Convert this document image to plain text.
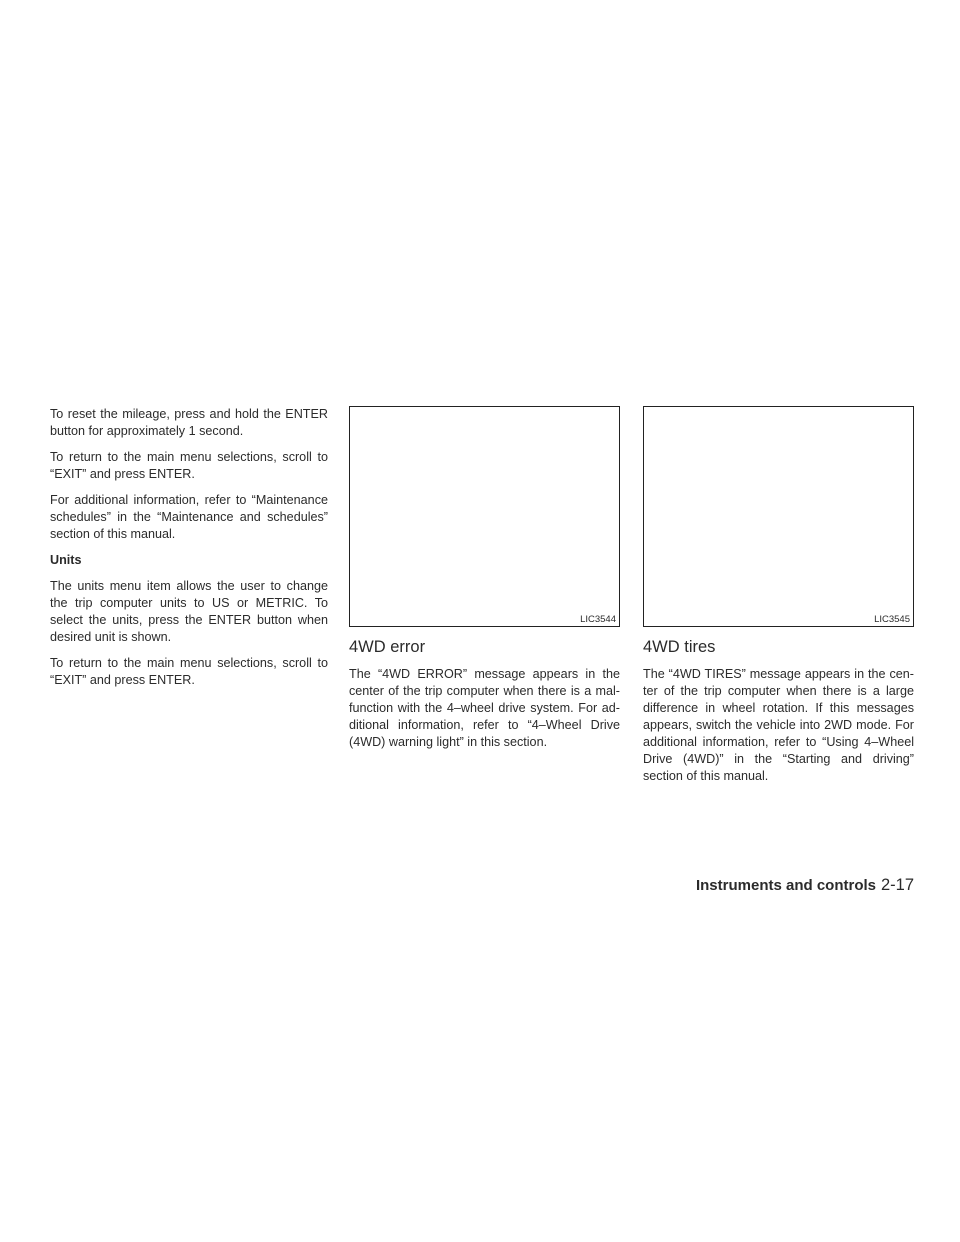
To reset the mileage, press and hold the ENTER button for approximately 1 second.

To return to the main menu selections, scroll to “EXIT” and press ENTER.

For additional information, refer to “Maintenance schedules” in the “Maintenance and schedules” section of this manual.

Units

The units menu item allows the user to change the trip computer units to US or METRIC. To select the units, press the ENTER button when desired unit is shown.

To return to the main menu selections, scroll to “EXIT” and press ENTER.

LIC3544
4WD error

The “4WD ERROR” message appears in the center of the trip computer when there is a mal-function with the 4–wheel drive system. For ad-ditional information, refer to “4–Wheel Drive (4WD) warning light” in this section.

LIC3545
4WD tires

The “4WD TIRES” message appears in the cen-ter of the trip computer when there is a large difference in wheel rotation. If this messages appears, switch the vehicle into 2WD mode. For additional information, refer to “Using 4–Wheel Drive (4WD)” in the “Starting and driving” section of this manual.

Instruments and controls 2-17
